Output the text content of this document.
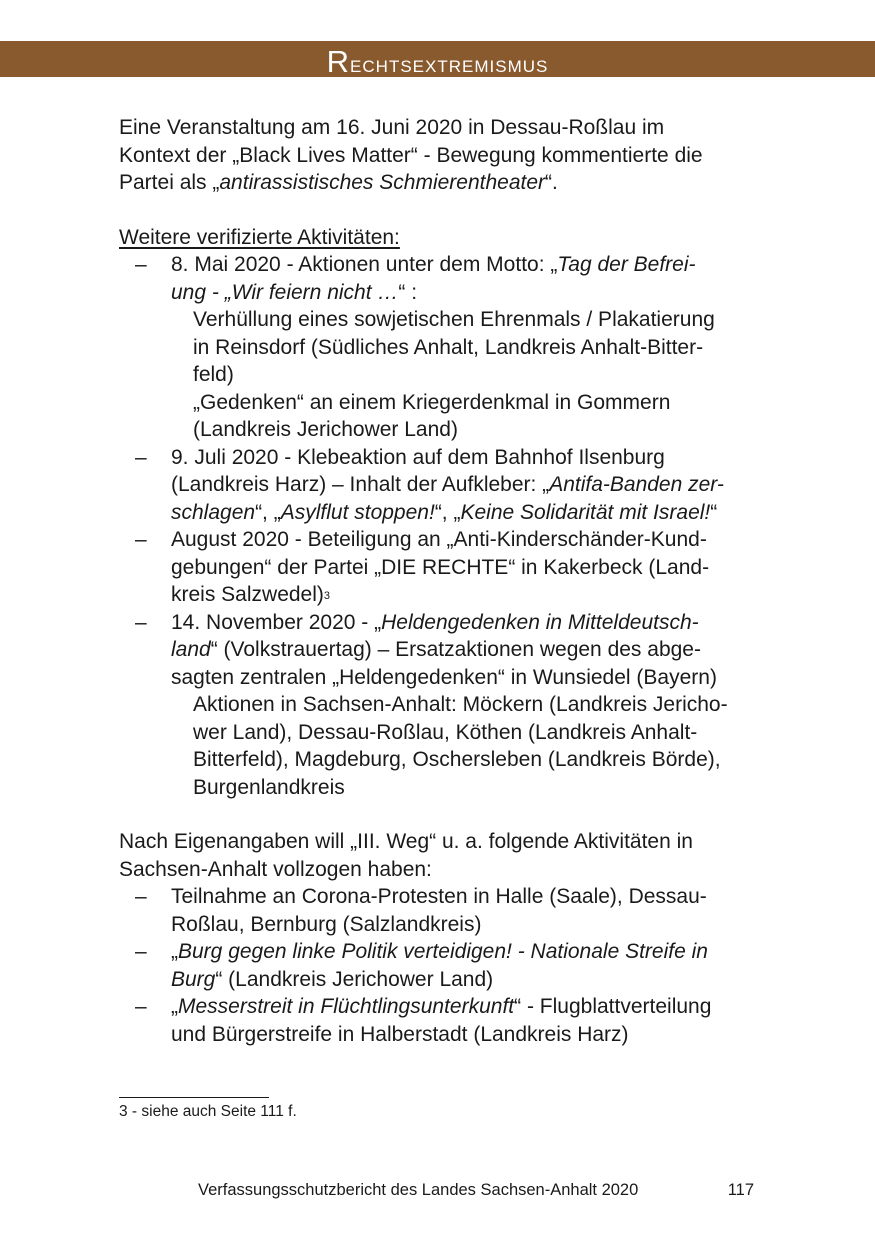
Rechtsextremismus

Eine Veranstaltung am 16. Juni 2020 in Dessau-Roßlau im
Kontext der „Black Lives Matter“ - Bewegung kommentierte die
Partei als „antirassistisches Schmierentheater“.

Weitere verifizierte Aktivitäten:

– 8. Mai 2020 - Aktionen unter dem Motto: „Tag der Befrei-
ung - „Wir feiern nicht …“ :
Verhüllung eines sowjetischen Ehrenmals / Plakatierung
in Reinsdorf (Südliches Anhalt, Landkreis Anhalt-Bitter-
feld)
„Gedenken“ an einem Kriegerdenkmal in Gommern
(Landkreis Jerichower Land)
– 9. Juli 2020 - Klebeaktion auf dem Bahnhof Ilsenburg
(Landkreis Harz) – Inhalt der Aufkleber: „Antifa-Banden zer-
schlagen“, „Asylflut stoppen!“, „Keine Solidarität mit Israel!“
– August 2020 - Beteiligung an „Anti-Kinderschänder-Kund-
gebungen“ der Partei „DIE RECHTE“ in Kakerbeck (Land-
kreis Salzwedel)$^3$
– 14. November 2020 - „Heldengedenken in Mitteldeutsch-
land“ (Volkstrauertag) – Ersatzaktionen wegen des abge-
sagten zentralen „Heldengedenken“ in Wunsiedel (Bayern)
Aktionen in Sachsen-Anhalt: Möckern (Landkreis Jericho-
wer Land), Dessau-Roßlau, Köthen (Landkreis Anhalt-
Bitterfeld), Magdeburg, Oschersleben (Landkreis Börde),
Burgenlandkreis

Nach Eigenangaben will „III. Weg“ u. a. folgende Aktivitäten in
Sachsen-Anhalt vollzogen haben:

– Teilnahme an Corona-Protesten in Halle (Saale), Dessau-
Roßlau, Bernburg (Salzlandkreis)
– „Burg gegen linke Politik verteidigen! - Nationale Streife in
Burg“ (Landkreis Jerichower Land)
– „Messerstreit in Flüchtlingsunterkunft“ - Flugblattverteilung
und Bürgerstreife in Halberstadt (Landkreis Harz)
3 - siehe auch Seite 111 f.
Verfassungsschutzbericht des Landes Sachsen-Anhalt 2020	117
